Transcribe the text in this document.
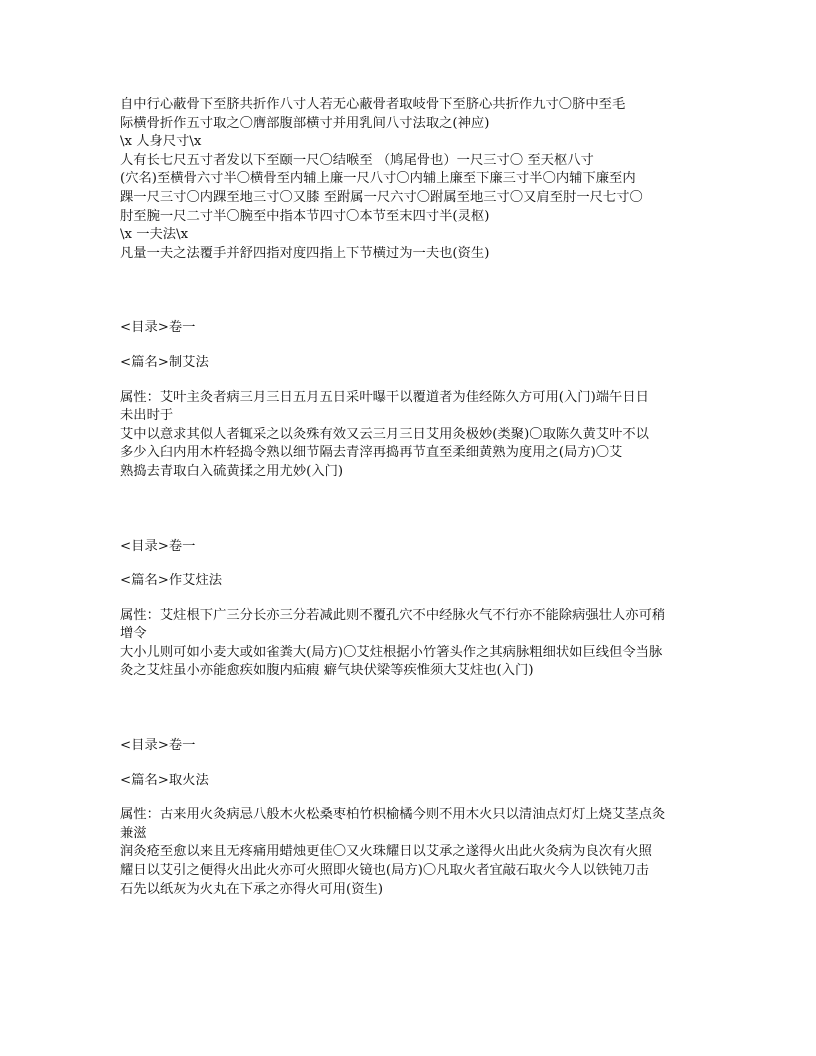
自中行心蔽骨下至脐共折作八寸人若无心蔽骨者取岐骨下至脐心共折作九寸〇脐中至毛
际横骨折作五寸取之〇膺部腹部横寸并用乳间八寸法取之(神应)
\x 人身尺寸\x
人有长七尺五寸者发以下至颐一尺〇结喉至 （鸠尾骨也）一尺三寸〇 至天枢八寸
(穴名)至横骨六寸半〇横骨至内辅上廉一尺八寸〇内辅上廉至下廉三寸半〇内辅下廉至内
踝一尺三寸〇内踝至地三寸〇又膝 至跗属一尺六寸〇跗属至地三寸〇又肩至肘一尺七寸〇
肘至腕一尺二寸半〇腕至中指本节四寸〇本节至末四寸半(灵枢)
\x 一夫法\x
凡量一夫之法覆手并舒四指对度四指上下节横过为一夫也(资生)
<目录>卷一
<篇名>制艾法
属性：艾叶主灸者病三月三日五月五日采叶曝干以覆道者为佳经陈久方可用(入门)端午日日
未出时于
艾中以意求其似人者辄采之以灸殊有效又云三月三日艾用灸极妙(类聚)〇取陈久黄艾叶不以
多少入臼内用木杵轻捣令熟以细节隔去青滓再捣再节直至柔细黄熟为度用之(局方)〇艾
熟捣去青取白入硫黄揉之用尤妙(入门)
<目录>卷一
<篇名>作艾炷法
属性：艾炷根下广三分长亦三分若减此则不覆孔穴不中经脉火气不行亦不能除病强壮人亦可稍
增令
大小儿则可如小麦大或如雀粪大(局方)〇艾炷根据小竹箸头作之其病脉粗细状如巨线但令当脉
灸之艾炷虽小亦能愈疾如腹内疝瘕 癖气块伏梁等疾惟须大艾炷也(入门)
<目录>卷一
<篇名>取火法
属性：古来用火灸病忌八般木火松桑枣柏竹枳榆橘今则不用木火只以清油点灯灯上烧艾茎点灸
兼滋
润灸疮至愈以来且无疼痛用蜡烛更佳〇又火珠耀日以艾承之遂得火出此火灸病为良次有火照
耀日以艾引之便得火出此火亦可火照即火镜也(局方)〇凡取火者宜敲石取火今人以铁钝刀击
石先以纸灰为火丸在下承之亦得火可用(资生)
